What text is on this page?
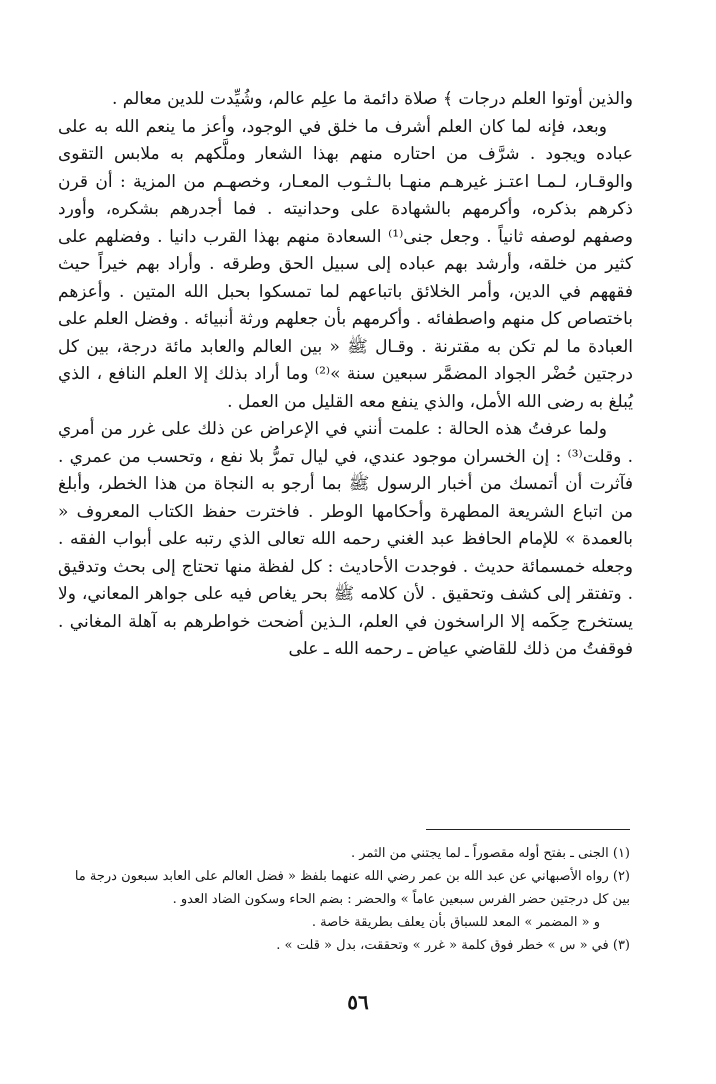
والذين أوتوا العلم درجات ﴾ صلاة دائمة ما علِم عالم، وشُيِّدت للدين معالم .

وبعد، فإنه لما كان العلم أشرف ما خلق في الوجود، وأعز ما ينعم الله به على عباده ويجود . شرَّف من احتاره منهم بهذا الشعار وملَّكهم به ملابس التقوى والوقـار، لـمـا اعتـز غيرهـم منهـا بالـثـوب المعـار، وخصهـم من المزية : أن قرن ذكرهم بذكره، وأكرمهم بالشهادة على وحدانيته . فما أجدرهم بشكره، وأورد وصفهم لوصفه ثانياً . وجعل جنى⁽¹⁾ السعادة منهم بهذا القرب دانيا . وفضلهم على كثير من خلقه، وأرشد بهم عباده إلى سبيل الحق وطرقه . وأراد بهم خيراً حيث فقههم في الدين، وأمر الخلائق باتباعهم لما تمسكوا بحبل الله المتين . وأعزهم باختصاص كل منهم واصطفائه . وأكرمهم بأن جعلهم ورثة أنبيائه . وفضل العلم على العبادة ما لم تكن به مقترنة . وقـال ﷺ « بين العالم والعابد مائة درجة، بين كل درجتين حُضْر الجواد المضمَّر سبعين سنة »⁽²⁾ وما أراد بذلك إلا العلم النافع ، الذي يُبلغ به رضى الله الأمل، والذي ينفع معه القليل من العمل .

ولما عرفتُ هذه الحالة : علمت أنني في الإعراض عن ذلك على غرر من أمري . وقلت⁽³⁾ : إن الخسران موجود عندي، في ليال تمرُّ بلا نفع ، وتحسب من عمري . فآثرت أن أتمسك من أخبار الرسول ﷺ بما أرجو به النجاة من هذا الخطر، وأبلغ من اتباع الشريعة المطهرة وأحكامها الوطر . فاخترت حفظ الكتاب المعروف « بالعمدة » للإمام الحافظ عبد الغني رحمه الله تعالى الذي رتبه على أبواب الفقه . وجعله خمسمائة حديث . فوجدت الأحاديث : كل لفظة منها تحتاج إلى بحث وتدقيق . وتفتقر إلى كشف وتحقيق . لأن كلامه ﷺ بحر يغاص فيه على جواهر المعاني، ولا يستخرج حِكَمه إلا الراسخون في العلم، الـذين أضحت خواطرهم به آهلة المغاني . فوقفتُ من ذلك للقاضي عياض ـ رحمه الله ـ على

(١) الجنى ـ بفتح أوله مقصوراً ـ لما يجتني من الثمر .

(٢) رواه الأصبهاني عن عبد الله بن عمر رضي الله عنهما بلفظ « فضل العالم على العابد سبعون درجة ما بين كل درجتين حضر الفرس سبعين عاماً » والحضر : بضم الحاء وسكون الضاد العدو .

و « المضمر » المعد للسباق بأن يعلف بطريقة خاصة .

(٣) في « س » خطر فوق كلمة « غرر » وتحققت، بدل « قلت » .

٥٦
